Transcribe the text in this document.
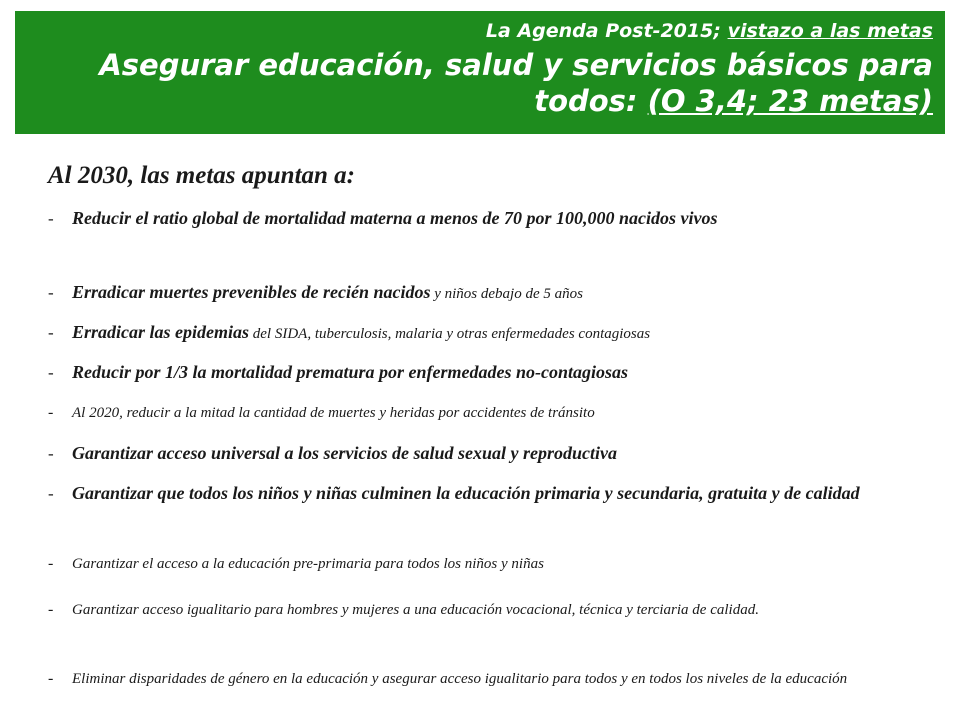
La Agenda Post-2015; vistazo a las metas
Asegurar educación, salud y servicios básicos para todos: (O 3,4; 23 metas)
Al 2030, las metas apuntan a:
- Reducir el ratio global de mortalidad materna a menos de 70 por 100,000 nacidos vivos
- Erradicar muertes prevenibles de recién nacidos y niños debajo de 5 años
- Erradicar las epidemias del SIDA, tuberculosis, malaria y otras enfermedades contagiosas
- Reducir por 1/3 la mortalidad prematura por enfermedades no-contagiosas
- Al 2020, reducir a la mitad la cantidad de muertes y heridas por accidentes de tránsito
- Garantizar acceso universal a los servicios de salud sexual y reproductiva
- Garantizar que todos los niños y niñas culminen la educación primaria y secundaria, gratuita y de calidad
- Garantizar el acceso a la educación pre-primaria para todos los niños y niñas
- Garantizar acceso igualitario para hombres y mujeres a una educación vocacional, técnica y terciaria de calidad.
- Eliminar disparidades de género en la educación y asegurar acceso igualitario para todos y en todos los niveles de la educación
